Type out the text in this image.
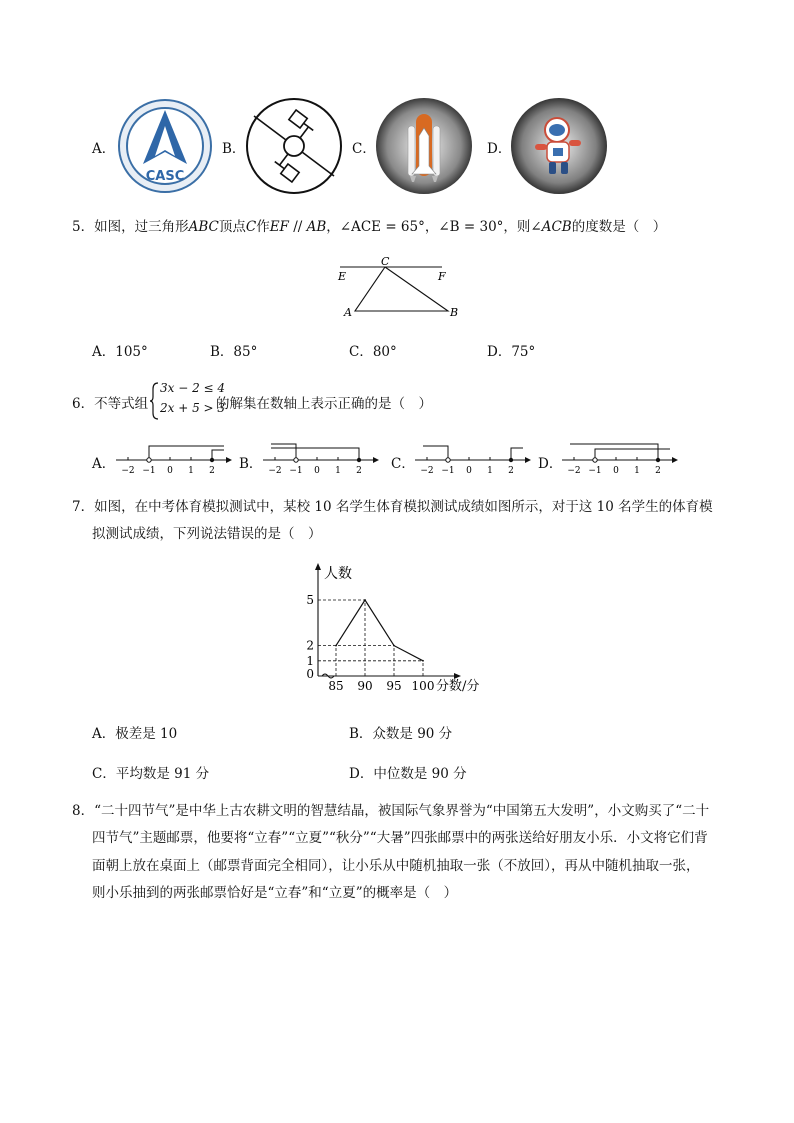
A．
CASC
B．	C．	D．
5．如图，过三角形ABC顶点C作EF // AB，∠ACE = 65°，∠B = 30°，则∠ACB的度数是（　）
E
C
F
A	B
A．105°	B．85°	C．80°	D．75°
6．不等式组
3x − 2 ≤ 4
2x + 5 > 3
的解集在数轴上表示正确的是（　）
A．	B．	C．	D．
−2 −1 0 1 2	−2 −1 0 1 2	−2 −1 0 1 2	−2 −1 0 1 2
7．如图，在中考体育模拟测试中，某校 10 名学生体育模拟测试成绩如图所示，对于这 10 名学生的体育模
拟测试成绩，下列说法错误的是（　）
85 90 95 100
1
2
5
0
人数
分数/分
A．极差是 10	B．众数是 90 分
C．平均数是 91 分	D．中位数是 90 分
8．“二十四节气”是中华上古农耕文明的智慧结晶，被国际气象界誉为“中国第五大发明”，小文购买了“二十
四节气”主题邮票，他要将“立春”“立夏”“秋分”“大暑”四张邮票中的两张送给好朋友小乐．小文将它们背
面朝上放在桌面上（邮票背面完全相同），让小乐从中随机抽取一张（不放回），再从中随机抽取一张，
则小乐抽到的两张邮票恰好是“立春”和“立夏”的概率是（　）
